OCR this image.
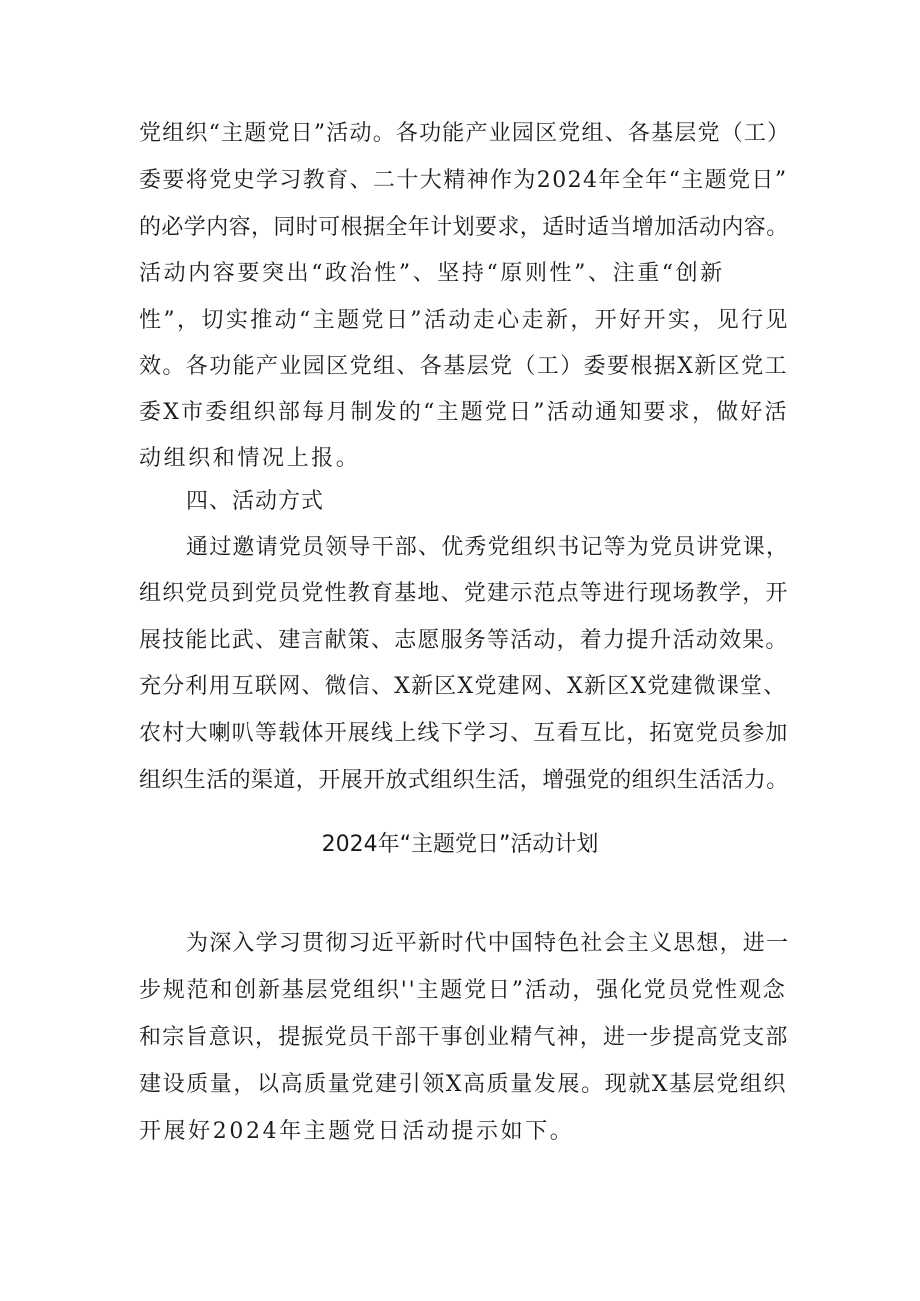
党组织“主题党日”活动。各功能产业园区党组、各基层党（工）
委要将党史学习教育、二十大精神作为2024年全年“主题党日”
的必学内容，同时可根据全年计划要求，适时适当增加活动内容。
活动内容要突出“政治性”、坚持“原则性”、注重“创新
性”，切实推动“主题党日”活动走心走新，开好开实，见行见
效。各功能产业园区党组、各基层党（工）委要根据X新区党工
委X市委组织部每月制发的“主题党日”活动通知要求，做好活
动组织和情况上报。
四、活动方式
通过邀请党员领导干部、优秀党组织书记等为党员讲党课，
组织党员到党员党性教育基地、党建示范点等进行现场教学，开
展技能比武、建言献策、志愿服务等活动，着力提升活动效果。
充分利用互联网、微信、X新区X党建网、X新区X党建微课堂、
农村大喇叭等载体开展线上线下学习、互看互比，拓宽党员参加
组织生活的渠道，开展开放式组织生活，增强党的组织生活活力。
2024年“主题党日”活动计划
为深入学习贯彻习近平新时代中国特色社会主义思想，进一
步规范和创新基层党组织''主题党日”活动，强化党员党性观念
和宗旨意识，提振党员干部干事创业精气神，进一步提高党支部
建设质量，以高质量党建引领X高质量发展。现就X基层党组织
开展好2024年主题党日活动提示如下。
